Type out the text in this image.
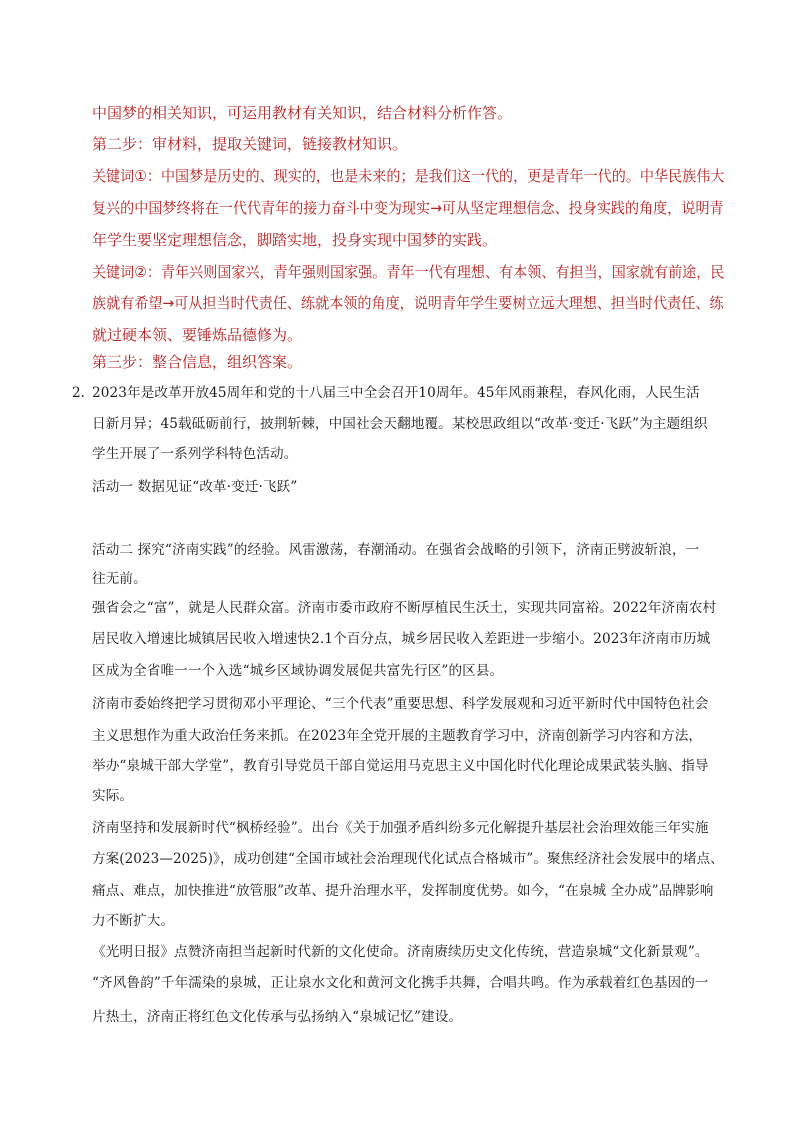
中国梦的相关知识，可运用教材有关知识，结合材料分析作答。
第二步：审材料，提取关键词，链接教材知识。
关键词①：中国梦是历史的、现实的，也是未来的；是我们这一代的，更是青年一代的。中华民族伟大
复兴的中国梦终将在一代代青年的接力奋斗中变为现实→可从坚定理想信念、投身实践的角度，说明青
年学生要坚定理想信念，脚踏实地，投身实现中国梦的实践。
关键词②：青年兴则国家兴，青年强则国家强。青年一代有理想、有本领、有担当，国家就有前途，民
族就有希望→可从担当时代责任、练就本领的角度，说明青年学生要树立远大理想、担当时代责任、练
就过硬本领、要锤炼品德修为。
第三步：整合信息，组织答案。
2．
2023年是改革开放45周年和党的十八届三中全会召开10周年。45年风雨兼程，春风化雨，人民生活
日新月异；45载砥砺前行，披荆斩棘，中国社会天翻地覆。某校思政组以“改革·变迁·飞跃”为主题组织
学生开展了一系列学科特色活动。
活动一 数据见证“改革·变迁·飞跃”
活动二 探究“济南实践”的经验。风雷激荡，春潮涌动。在强省会战略的引领下，济南正劈波斩浪，一
往无前。
强省会之“富”，就是人民群众富。济南市委市政府不断厚植民生沃土，实现共同富裕。2022年济南农村
居民收入增速比城镇居民收入增速快2.1个百分点，城乡居民收入差距进一步缩小。2023年济南市历城
区成为全省唯一一个入选“城乡区域协调发展促共富先行区”的区县。
济南市委始终把学习贯彻邓小平理论、“三个代表”重要思想、科学发展观和习近平新时代中国特色社会
主义思想作为重大政治任务来抓。在2023年全党开展的主题教育学习中，济南创新学习内容和方法，
举办“泉城干部大学堂”，教育引导党员干部自觉运用马克思主义中国化时代化理论成果武装头脑、指导
实际。
济南坚持和发展新时代“枫桥经验”。出台《关于加强矛盾纠纷多元化解提升基层社会治理效能三年实施
方案(2023—2025)》，成功创建“全国市域社会治理现代化试点合格城市”。聚焦经济社会发展中的堵点、
痛点、难点，加快推进“放管服”改革、提升治理水平，发挥制度优势。如今，“在泉城 全办成”品牌影响
力不断扩大。
《光明日报》点赞济南担当起新时代新的文化使命。济南赓续历史文化传统，营造泉城“文化新景观”。
“齐风鲁韵”千年濡染的泉城，正让泉水文化和黄河文化携手共舞，合唱共鸣。作为承载着红色基因的一
片热土，济南正将红色文化传承与弘扬纳入“泉城记忆”建设。
